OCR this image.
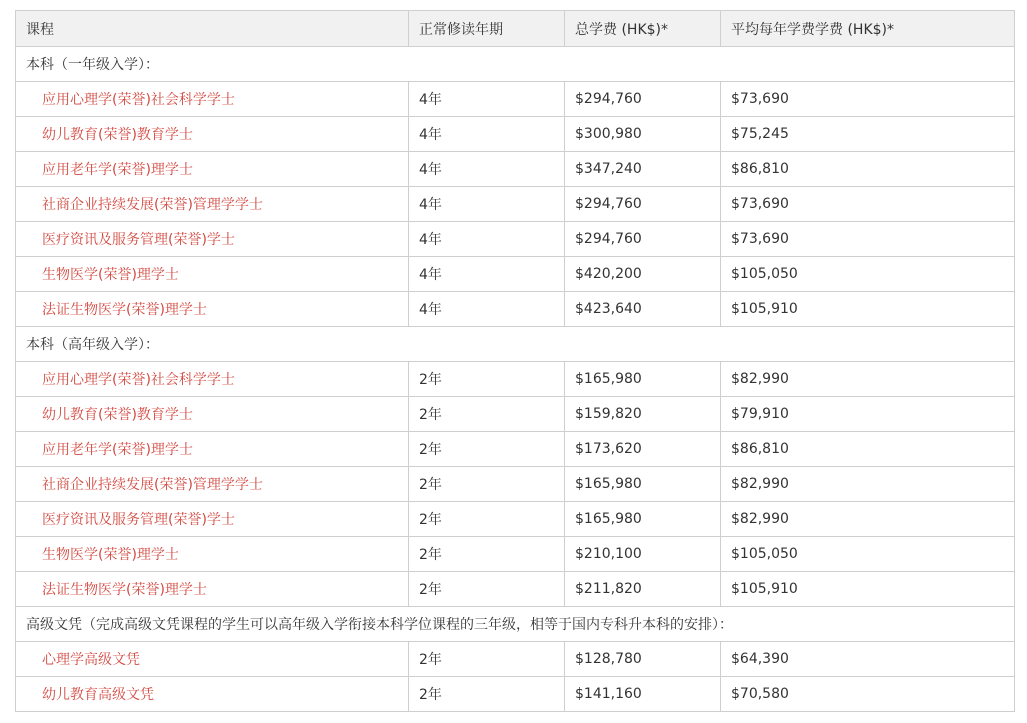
课程	正常修读年期	总学费 (HK$)*	平均每年学费学费 (HK$)*
本科（一年级入学）：			
应用心理学(荣誉)社会科学学士	4年	$294,760	$73,690
幼儿教育(荣誉)教育学士	4年	$300,980	$75,245
应用老年学(荣誉)理学士	4年	$347,240	$86,810
社商企业持续发展(荣誉)管理学学士	4年	$294,760	$73,690
医疗资讯及服务管理(荣誉)学士	4年	$294,760	$73,690
生物医学(荣誉)理学士	4年	$420,200	$105,050
法证生物医学(荣誉)理学士	4年	$423,640	$105,910
本科（高年级入学）：			
应用心理学(荣誉)社会科学学士	2年	$165,980	$82,990
幼儿教育(荣誉)教育学士	2年	$159,820	$79,910
应用老年学(荣誉)理学士	2年	$173,620	$86,810
社商企业持续发展(荣誉)管理学学士	2年	$165,980	$82,990
医疗资讯及服务管理(荣誉)学士	2年	$165,980	$82,990
生物医学(荣誉)理学士	2年	$210,100	$105,050
法证生物医学(荣誉)理学士	2年	$211,820	$105,910
高级文凭（完成高级文凭课程的学生可以高年级入学衔接本科学位课程的三年级，相等于国内专科升本科的安排）：			
心理学高级文凭	2年	$128,780	$64,390
幼儿教育高级文凭	2年	$141,160	$70,580
